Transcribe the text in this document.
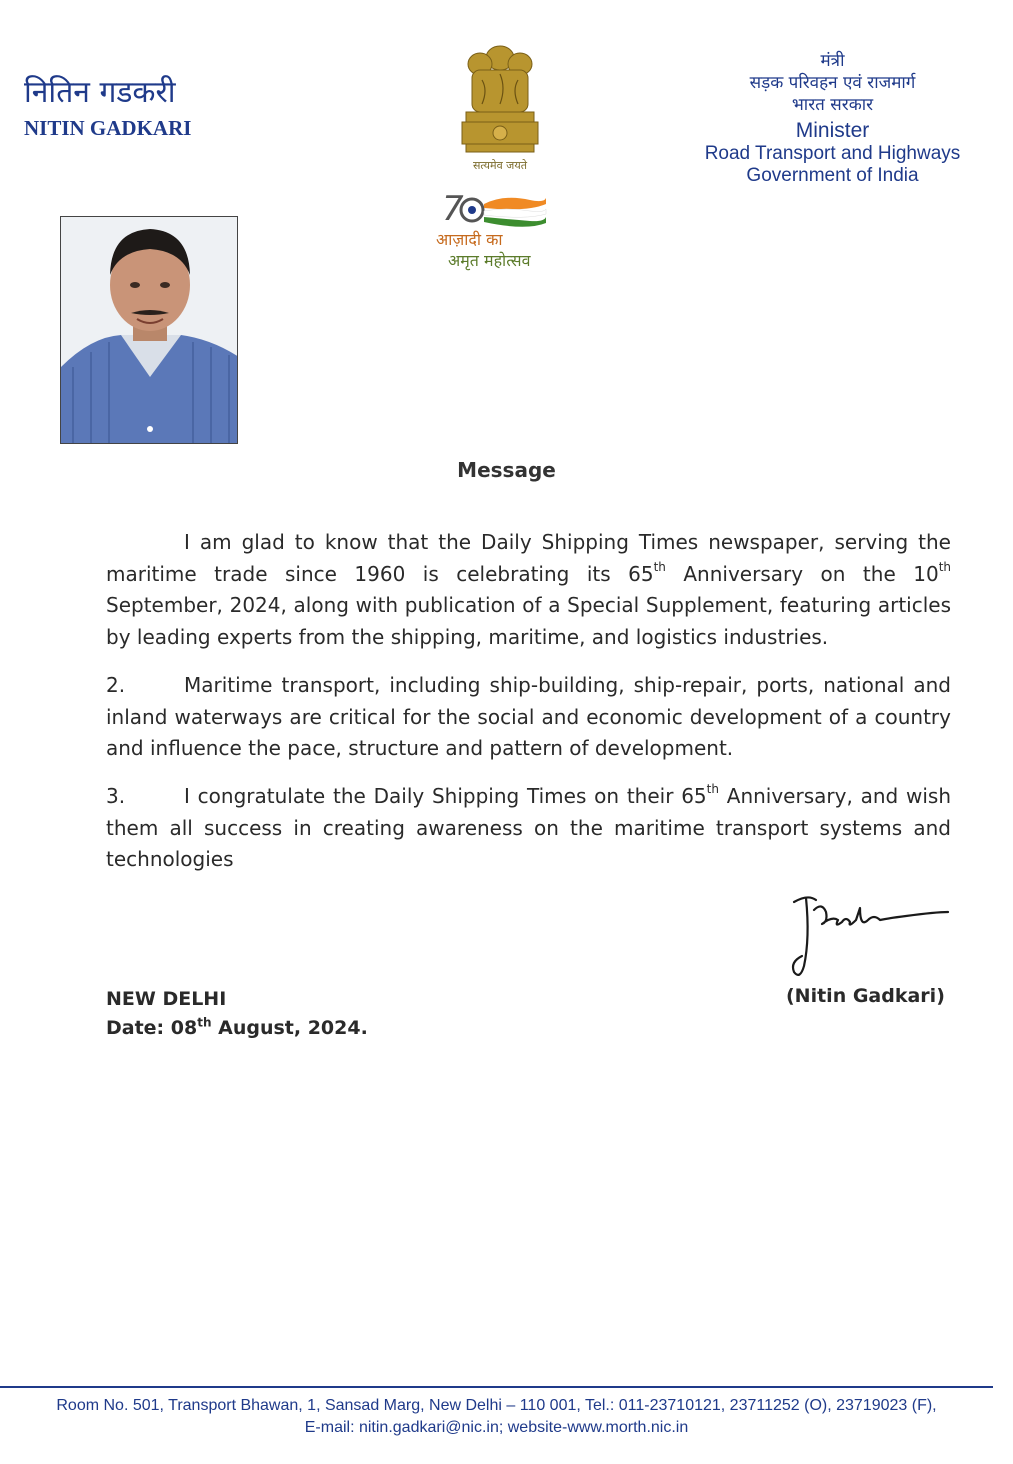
नितिन गडकरी
NITIN GADKARI
सत्यमेव जयते
7
आज़ादी का
अमृत महोत्सव
मंत्री
सड़क परिवहन एवं राजमार्ग
भारत सरकार
Minister
Road Transport and Highways
Government of India
Message
I am glad to know that the Daily Shipping Times newspaper, serving the maritime trade since 1960 is celebrating its 65th Anniversary on the 10th September, 2024, along with publication of a Special Supplement, featuring articles by leading experts from the shipping, maritime, and logistics industries.
2.	Maritime transport, including ship-building, ship-repair, ports, national and inland waterways are critical for the social and economic development of a country and influence the pace, structure and pattern of development.
3.	I congratulate the Daily Shipping Times on their 65th Anniversary, and wish them all success in creating awareness on the maritime transport systems and technologies
NEW DELHI
Date: 08th August, 2024.
(Nitin Gadkari)
Room No. 501, Transport Bhawan, 1, Sansad Marg, New Delhi – 110 001, Tel.: 011-23710121, 23711252 (O), 23719023 (F),
E-mail: nitin.gadkari@nic.in; website-www.morth.nic.in
